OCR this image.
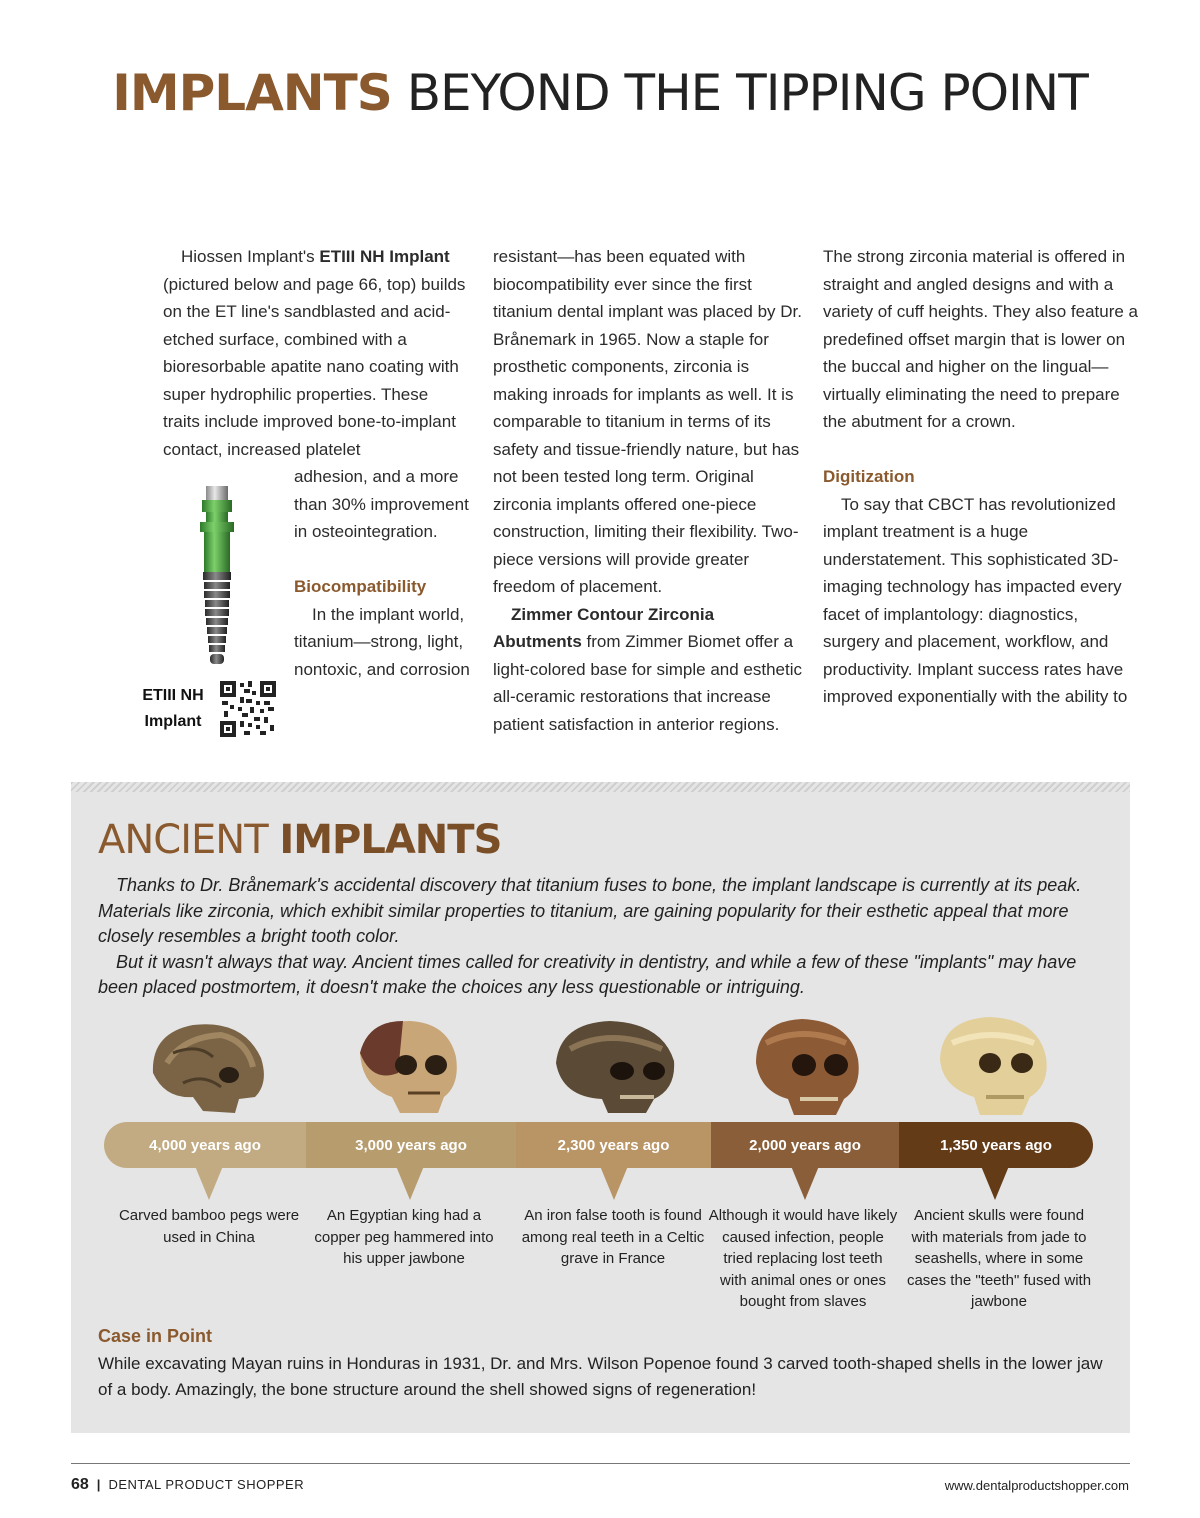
IMPLANTS BEYOND THE TIPPING POINT

Hiossen Implant's ETIII NH Implant (pictured below and page 66, top) builds on the ET line's sandblasted and acid-etched surface, combined with a bioresorbable apatite nano coating with super hydrophilic properties. These traits include improved bone-to-implant contact, increased platelet

adhesion, and a more than 30% improvement in osteointegration.

Biocompatibility

In the implant world, titanium—strong, light, nontoxic, and corrosion

ETIII NH Implant

resistant—has been equated with biocompatibility ever since the first titanium dental implant was placed by Dr. Brånemark in 1965. Now a staple for prosthetic components, zirconia is making inroads for implants as well. It is comparable to titanium in terms of its safety and tissue-friendly nature, but has not been tested long term. Original zirconia implants offered one-piece construction, limiting their flexibility. Two-piece versions will provide greater freedom of placement.

Zimmer Contour Zirconia Abutments from Zimmer Biomet offer a light-colored base for simple and esthetic all-ceramic restorations that increase patient satisfaction in anterior regions.

The strong zirconia material is offered in straight and angled designs and with a variety of cuff heights. They also feature a predefined offset margin that is lower on the buccal and higher on the lingual—virtually eliminating the need to prepare the abutment for a crown.

Digitization

To say that CBCT has revolutionized implant treatment is a huge understatement. This sophisticated 3D-imaging technology has impacted every facet of implantology: diagnostics, surgery and placement, workflow, and productivity. Implant success rates have improved exponentially with the ability to

ANCIENT IMPLANTS

Thanks to Dr. Brånemark's accidental discovery that titanium fuses to bone, the implant landscape is currently at its peak. Materials like zirconia, which exhibit similar properties to titanium, are gaining popularity for their esthetic appeal that more closely resembles a bright tooth color.

But it wasn't always that way. Ancient times called for creativity in dentistry, and while a few of these "implants" may have been placed postmortem, it doesn't make the choices any less questionable or intriguing.

4,000 years ago	3,000 years ago	2,300 years ago	2,000 years ago	1,350 years ago
Carved bamboo pegs were used in China
An Egyptian king had a copper peg hammered into his upper jawbone
An iron false tooth is found among real teeth in a Celtic grave in France
Although it would have likely caused infection, people tried replacing lost teeth with animal ones or ones bought from slaves
Ancient skulls were found with materials from jade to seashells, where in some cases the "teeth" fused with jawbone
Case in Point
While excavating Mayan ruins in Honduras in 1931, Dr. and Mrs. Wilson Popenoe found 3 carved tooth-shaped shells in the lower jaw of a body. Amazingly, the bone structure around the shell showed signs of regeneration!
68 | DENTAL PRODUCT SHOPPER	www.dentalproductshopper.com
